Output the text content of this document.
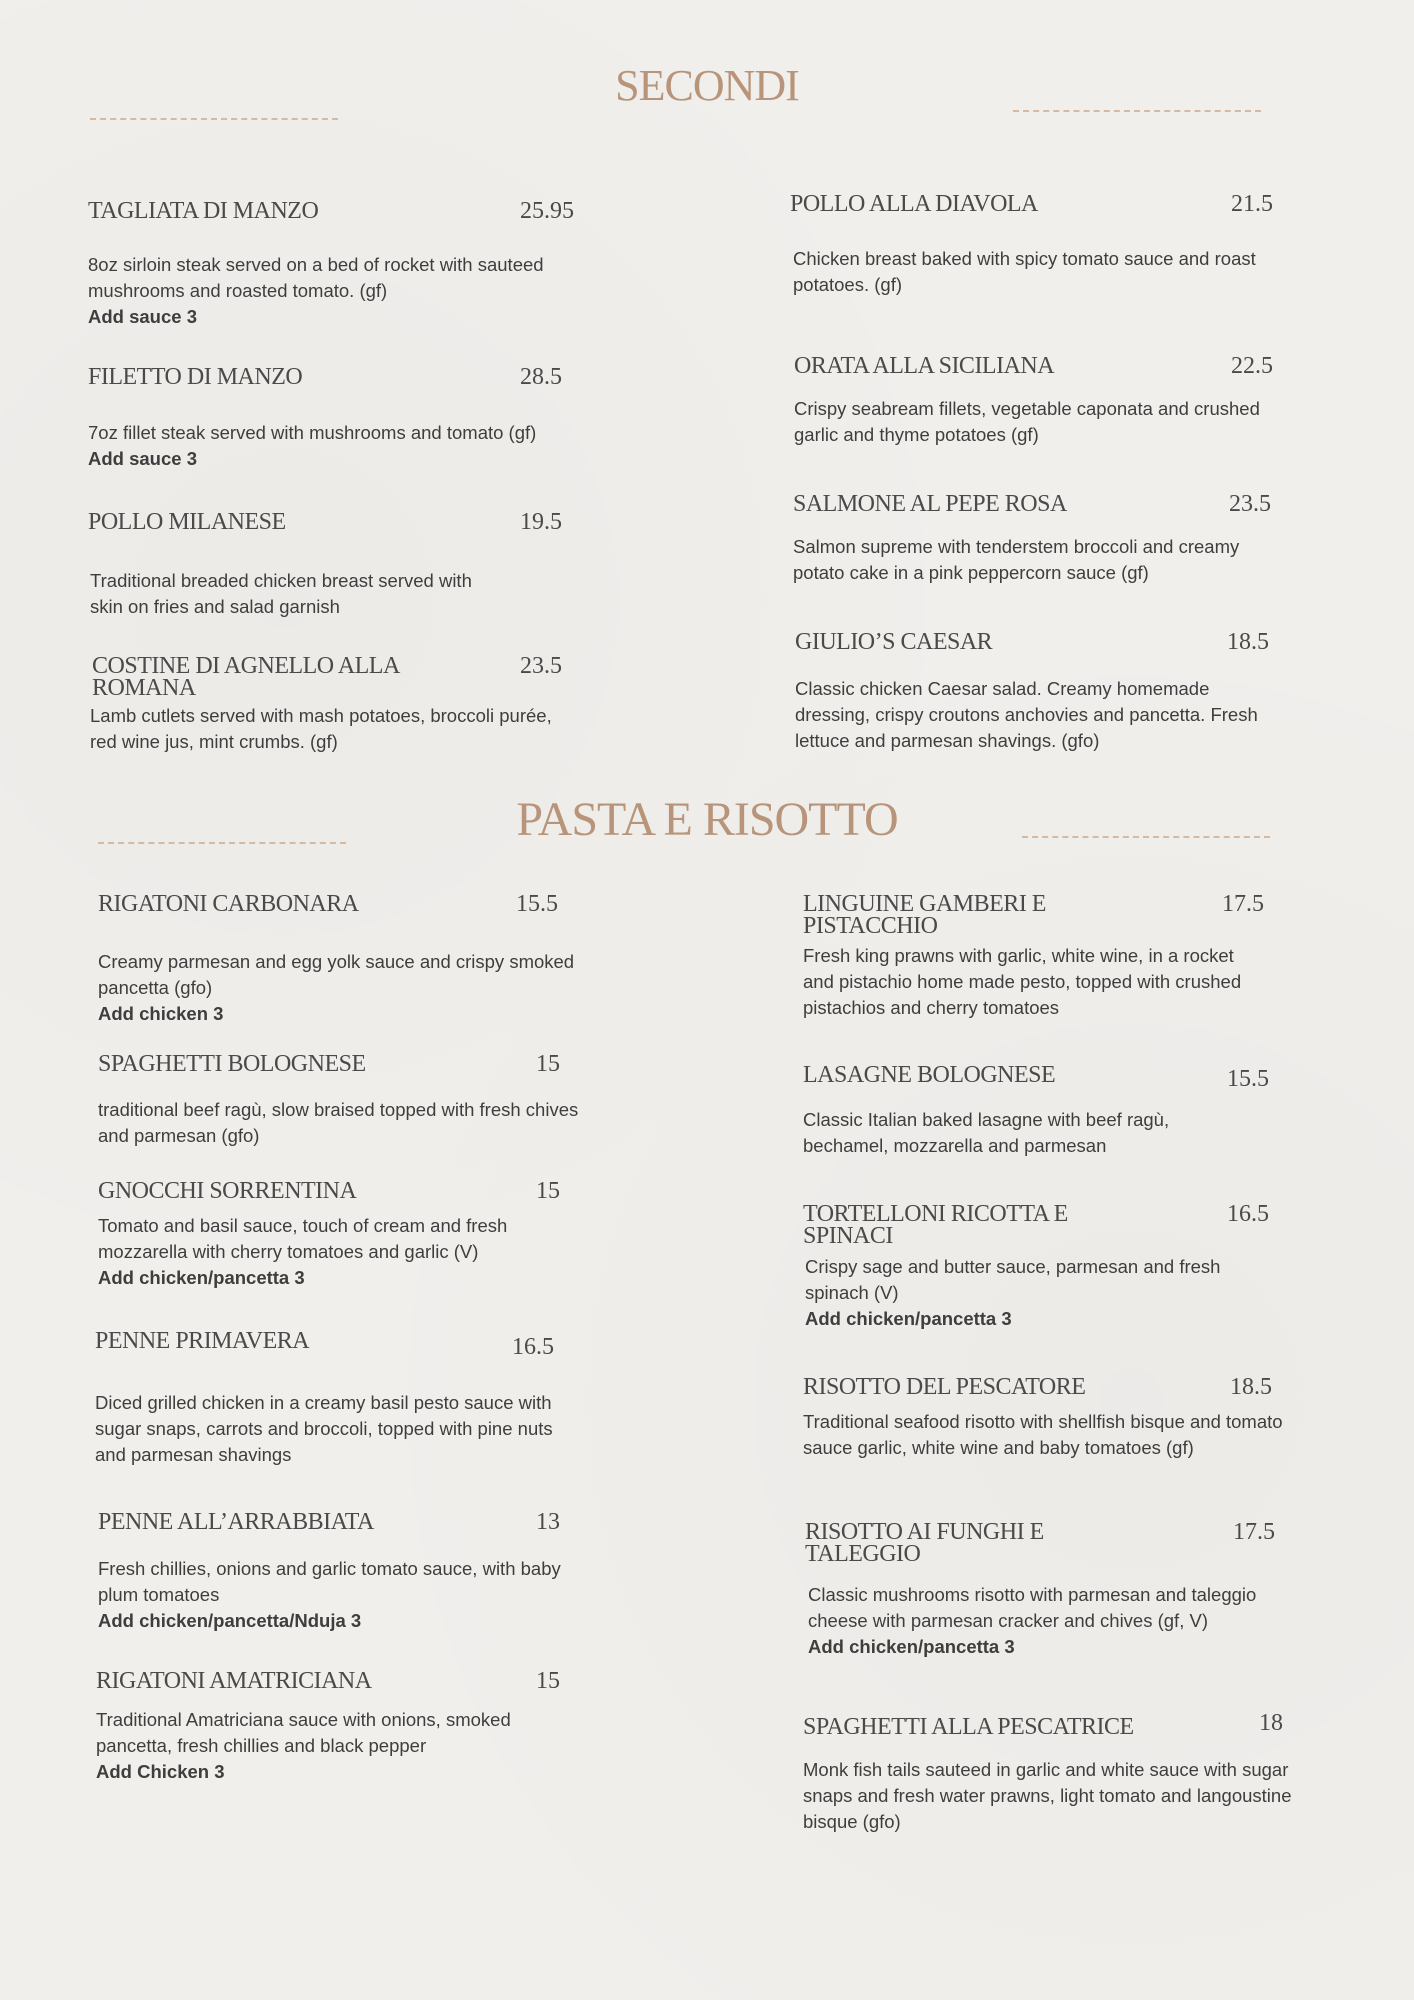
SECONDI
TAGLIATA DI MANZO	25.95
8oz sirloin steak served on a bed of rocket with sauteed mushrooms and roasted tomato. (gf)
Add sauce 3
FILETTO DI MANZO	28.5
7oz fillet steak served with mushrooms and tomato (gf) Add sauce 3
POLLO MILANESE	19.5
Traditional breaded chicken breast served with skin on fries and salad garnish
COSTINE DI AGNELLO ALLA ROMANA
23.5
Lamb cutlets served with mash potatoes, broccoli purée, red wine jus, mint crumbs. (gf)
POLLO ALLA DIAVOLA	21.5
Chicken breast baked with spicy tomato sauce and roast potatoes. (gf)
ORATA ALLA SICILIANA	22.5
Crispy seabream fillets, vegetable caponata and crushed garlic and thyme potatoes (gf)
SALMONE AL PEPE ROSA	23.5
Salmon supreme with tenderstem broccoli and creamy potato cake in a pink peppercorn sauce (gf)
GIULIO’S CAESAR	18.5
Classic chicken Caesar salad. Creamy homemade dressing, crispy croutons anchovies and pancetta. Fresh lettuce and parmesan shavings. (gfo)
PASTA E RISOTTO
RIGATONI CARBONARA	15.5
Creamy parmesan and egg yolk sauce and crispy smoked pancetta (gfo)
Add chicken 3
SPAGHETTI BOLOGNESE	15
traditional beef ragù, slow braised topped with fresh chives and parmesan (gfo)
GNOCCHI SORRENTINA	15
Tomato and basil sauce, touch of cream and fresh mozzarella with cherry tomatoes and garlic (V)
Add chicken/pancetta 3
PENNE PRIMAVERA	16.5
Diced grilled chicken in a creamy basil pesto sauce with sugar snaps, carrots and broccoli, topped with pine nuts and parmesan shavings
PENNE ALL’ARRABBIATA	13
Fresh chillies, onions and garlic tomato sauce, with baby plum tomatoes
Add chicken/pancetta/Nduja 3
RIGATONI AMATRICIANA	15
Traditional Amatriciana sauce with onions, smoked pancetta, fresh chillies and black pepper
Add Chicken 3
LINGUINE GAMBERI E PISTACCHIO
17.5
Fresh king prawns with garlic, white wine, in a rocket and pistachio home made pesto, topped with crushed pistachios and cherry tomatoes
LASAGNE BOLOGNESE	15.5
Classic Italian baked lasagne with beef ragù, bechamel, mozzarella and parmesan
TORTELLONI RICOTTA E SPINACI
16.5
Crispy sage and butter sauce, parmesan and fresh spinach (V)
Add chicken/pancetta 3
RISOTTO DEL PESCATORE	18.5
Traditional seafood risotto with shellfish bisque and tomato sauce garlic, white wine and baby tomatoes (gf)
RISOTTO AI FUNGHI E TALEGGIO
17.5
Classic mushrooms risotto with parmesan and taleggio cheese with parmesan cracker and chives (gf, V)
Add chicken/pancetta 3
SPAGHETTI ALLA PESCATRICE	18
Monk fish tails sauteed in garlic and white sauce with sugar snaps and fresh water prawns, light tomato and langoustine bisque (gfo)
